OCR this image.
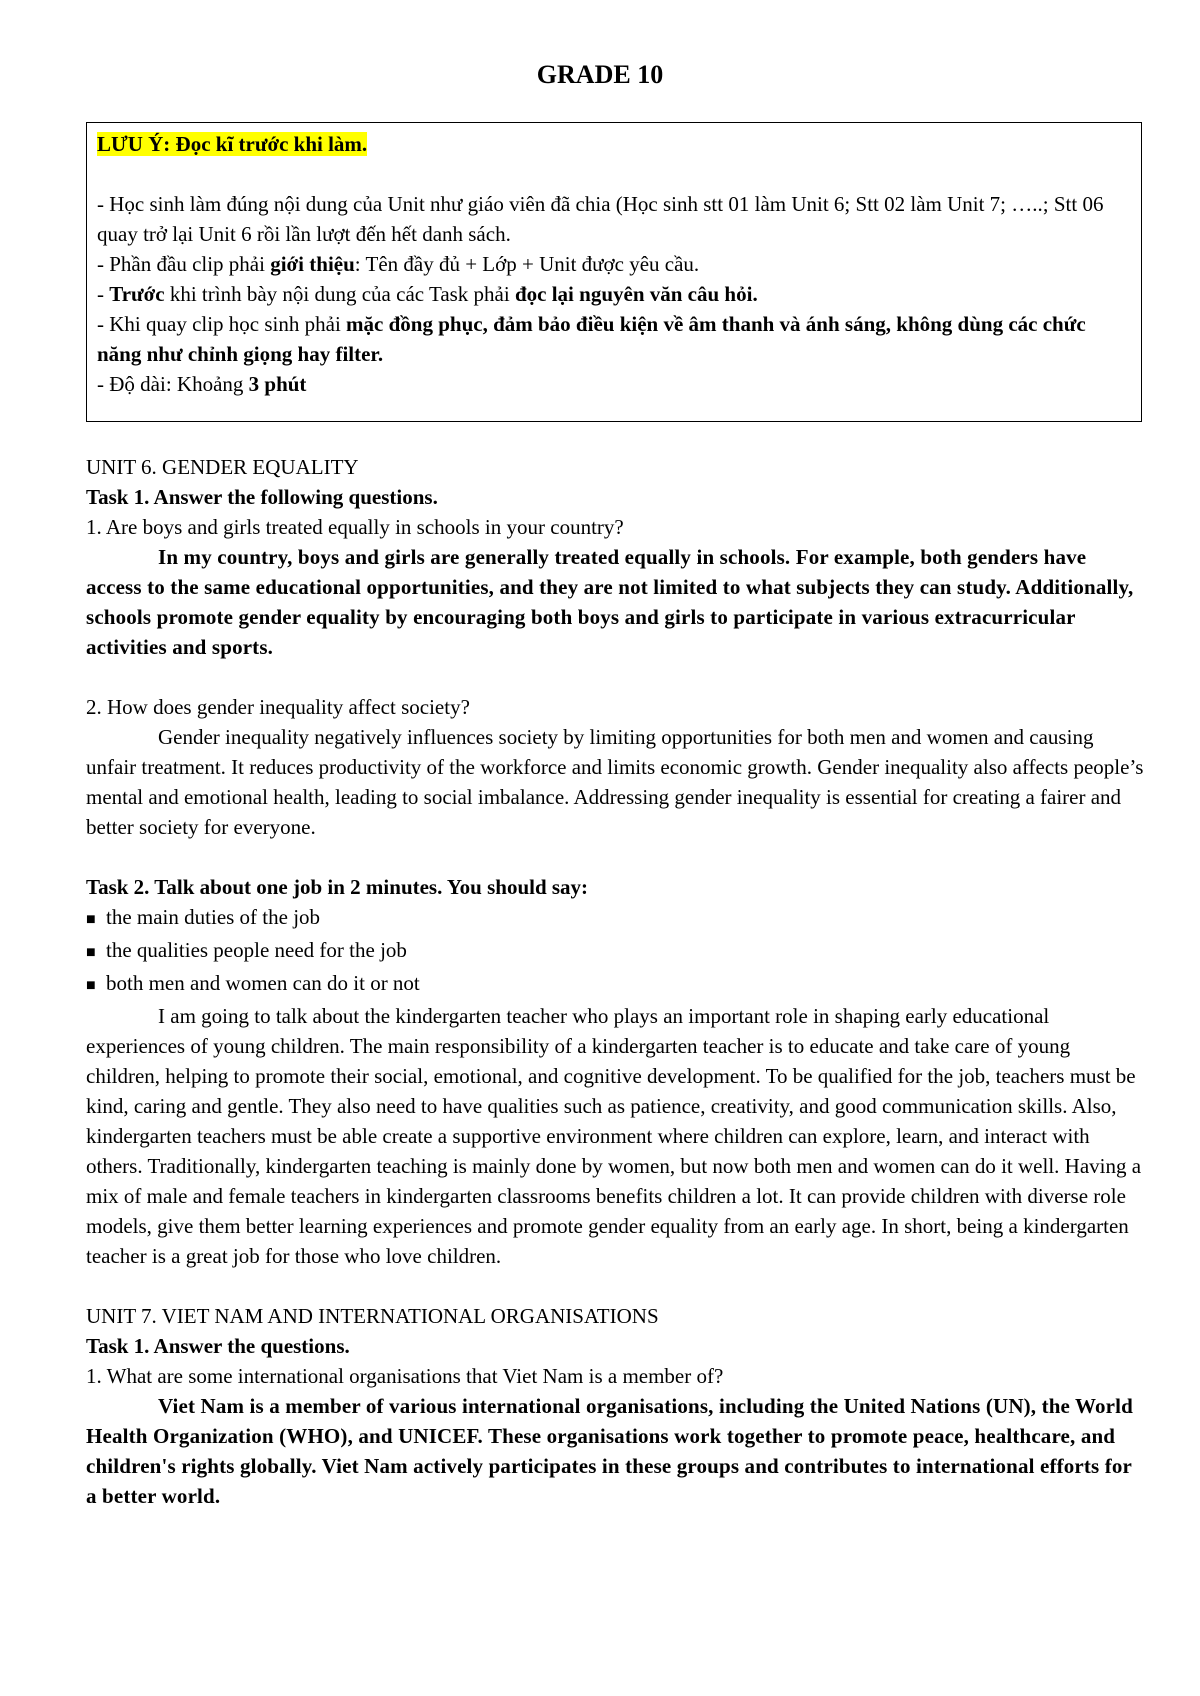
GRADE 10

LƯU Ý: Đọc kĩ trước khi làm.

- Học sinh làm đúng nội dung của Unit như giáo viên đã chia (Học sinh stt 01 làm Unit 6; Stt 02 làm Unit 7; …..; Stt 06 quay trở lại Unit 6 rồi lần lượt đến hết danh sách.

- Phần đầu clip phải giới thiệu: Tên đầy đủ + Lớp + Unit được yêu cầu.

- Trước khi trình bày nội dung của các Task phải đọc lại nguyên văn câu hỏi.

- Khi quay clip học sinh phải mặc đồng phục, đảm bảo điều kiện về âm thanh và ánh sáng, không dùng các chức năng như chỉnh giọng hay filter.

- Độ dài: Khoảng 3 phút

UNIT 6. GENDER EQUALITY

Task 1. Answer the following questions.

1. Are boys and girls treated equally in schools in your country?

In my country, boys and girls are generally treated equally in schools. For example, both genders have access to the same educational opportunities, and they are not limited to what subjects they can study. Additionally, schools promote gender equality by encouraging both boys and girls to participate in various extracurricular activities and sports.

2. How does gender inequality affect society?

Gender inequality negatively influences society by limiting opportunities for both men and women and causing unfair treatment. It reduces productivity of the workforce and limits economic growth. Gender inequality also affects people’s mental and emotional health, leading to social imbalance. Addressing gender inequality is essential for creating a fairer and better society for everyone.

Task 2. Talk about one job in 2 minutes. You should say:

■ the main duties of the job
■ the qualities people need for the job
■ both men and women can do it or not

I am going to talk about the kindergarten teacher who plays an important role in shaping early educational experiences of young children. The main responsibility of a kindergarten teacher is to educate and take care of young children, helping to promote their social, emotional, and cognitive development. To be qualified for the job, teachers must be kind, caring and gentle. They also need to have qualities such as patience, creativity, and good communication skills. Also, kindergarten teachers must be able create a supportive environment where children can explore, learn, and interact with others. Traditionally, kindergarten teaching is mainly done by women, but now both men and women can do it well. Having a mix of male and female teachers in kindergarten classrooms benefits children a lot. It can provide children with diverse role models, give them better learning experiences and promote gender equality from an early age. In short, being a kindergarten teacher is a great job for those who love children.

UNIT 7. VIET NAM AND INTERNATIONAL ORGANISATIONS

Task 1. Answer the questions.

1. What are some international organisations that Viet Nam is a member of?

Viet Nam is a member of various international organisations, including the United Nations (UN), the World Health Organization (WHO), and UNICEF. These organisations work together to promote peace, healthcare, and children's rights globally. Viet Nam actively participates in these groups and contributes to international efforts for a better world.
